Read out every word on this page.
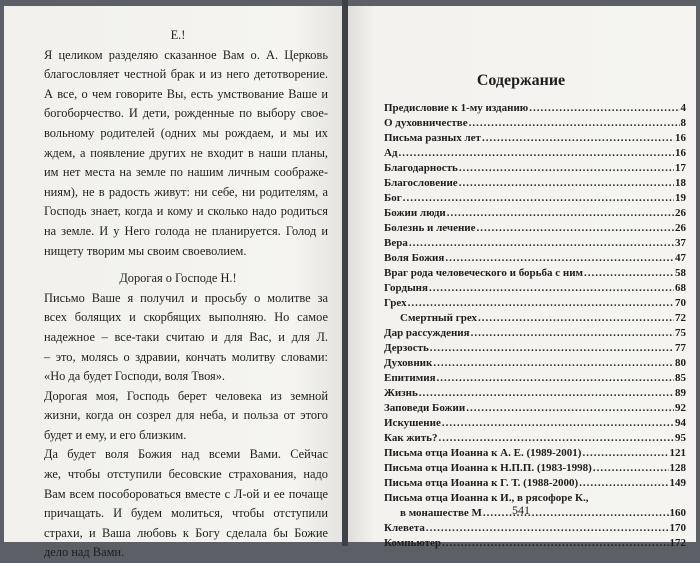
Е.!

Я целиком разделяю сказанное Вам о. А. Церковь
благословляет честной брак и из него детотворение.
А все, о чем говорите Вы, есть умствование Ваше и
богоборчество. И дети, рожденные по выбору свое-
вольному родителей (одних мы рождаем, и мы их
ждем, а появление других не входит в наши планы,
им нет места на земле по нашим личным соображе-
ниям), не в радость живут: ни себе, ни родителям, а
Господь знает, когда и кому и сколько надо родиться
на земле. И у Него голода не планируется. Голод и
нищету творим мы своим своеволием.

Дорогая о Господе Н.!

Письмо Ваше я получил и просьбу о молитве за
всех болящих и скорбящих выполняю. Но самое
надежное – все-таки считаю и для Вас, и для Л.
– это, молясь о здравии, кончать молитву словами:
«Но да будет Господи, воля Твоя».
Дорогая моя, Господь берет человека из земной
жизни, когда он созрел для неба, и польза от этого
будет и ему, и его близким.
Да будет воля Божия над всеми Вами. Сейчас
же, чтобы отступили бесовские страхования, надо
Вам всем пособороваться вместе с Л-ой и ее почаще
причащать. И будем молиться, чтобы отступили
страхи, и Ваша любовь к Богу сделала бы Божие
дело над Вами.
Содержание
Предисловие к 1-му изданию .....	4
О духовничестве .....	8
Письма разных лет .....	16
Ад .....	16
Благодарность .....	17
Благословение .....	18
Бог .....	19
Божии люди .....	26
Болезнь и лечение .....	26
Вера .....	37
Воля Божия .....	47
Враг рода человеческого и борьба с ним .....	58
Гордыня .....	68
Грех .....	70
Смертный грех .....	72
Дар рассуждения .....	75
Дерзость .....	77
Духовник .....	80
Епитимия .....	85
Жизнь .....	89
Заповеди Божии .....	92
Искушение .....	94
Как жить? .....	95
Письма отца Иоанна к А. Е. (1989-2001) .....	121
Письма отца Иоанна к Н.П.П. (1983-1998) .....	128
Письма отца Иоанна к Г. Т. (1988-2000) .....	149
Письма отца Иоанна к И., в рясофоре К.,
в монашестве М .....	160
Клевета .....	170
Компьютер .....	172
541
